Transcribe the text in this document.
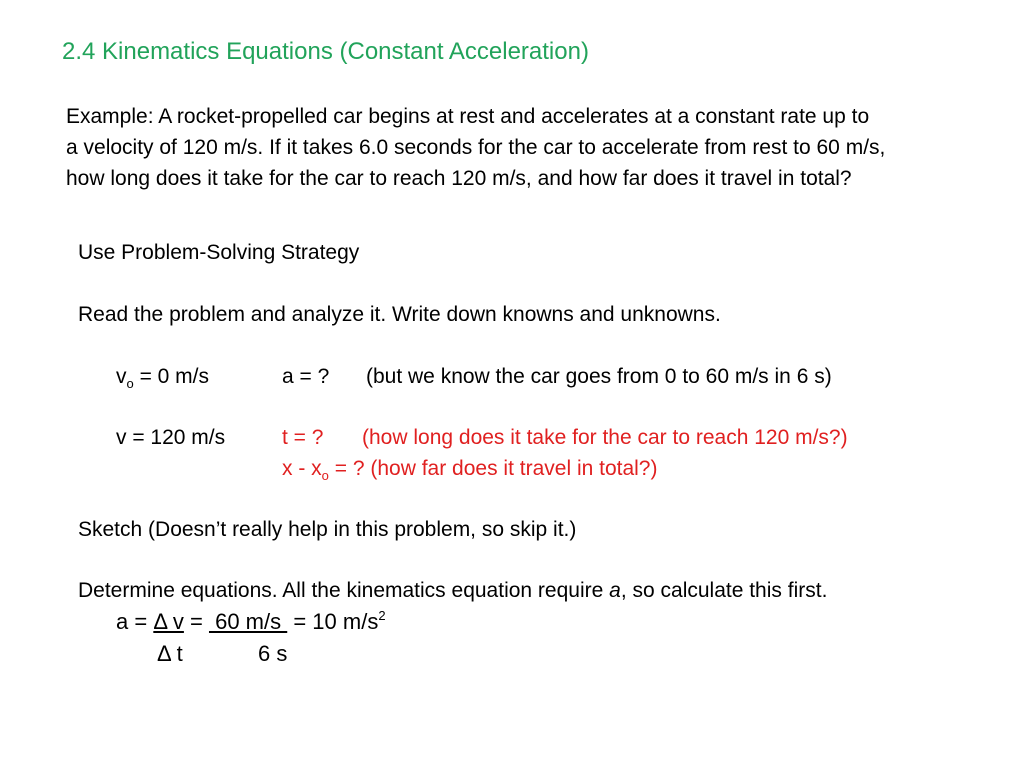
2.4 Kinematics Equations (Constant Acceleration)
Example: A rocket-propelled car begins at rest and accelerates at a constant rate up to
a velocity of 120 m/s. If it takes 6.0 seconds for the car to accelerate from rest to 60 m/s,
how long does it take for the car to reach 120 m/s, and how far does it travel in total?
Use Problem-Solving Strategy
Read the problem and analyze it. Write down knowns and unknowns.
$v_o = 0$ m/s	a = ? (but we know the car goes from 0 to 60 m/s in 6 s)
v = 120 m/s	t = ? (how long does it take for the car to reach 120 m/s?)
x - $x_o$ = ? (how far does it travel in total?)
Sketch (Doesn’t really help in this problem, so skip it.)
Determine equations. All the kinematics equation require a, so calculate this first.
a = Δ v =  60 m/s  = 10 $m/s^2$
Δ t	6 s
